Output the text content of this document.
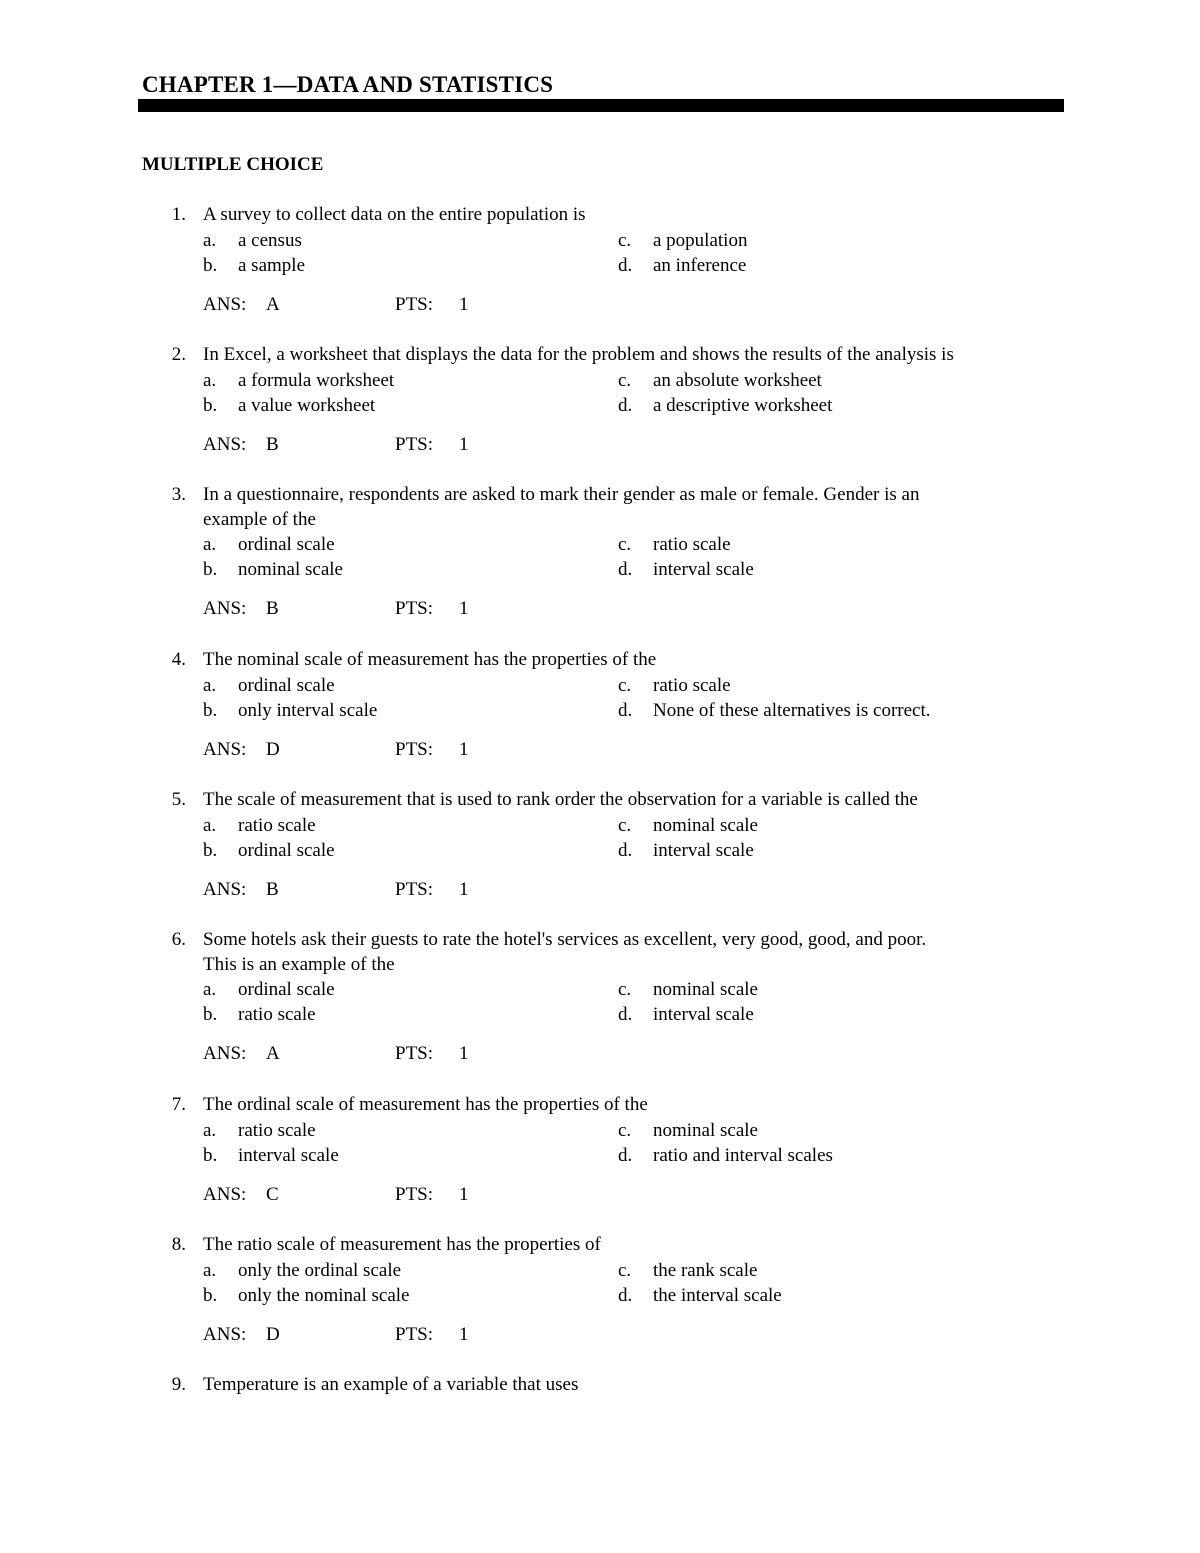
CHAPTER 1—DATA AND STATISTICS
MULTIPLE CHOICE
1. A survey to collect data on the entire population is
a. a census
b. a sample
c. a population
d. an inference
ANS: A	PTS: 1
2. In Excel, a worksheet that displays the data for the problem and shows the results of the analysis is
a. a formula worksheet
b. a value worksheet
c. an absolute worksheet
d. a descriptive worksheet
ANS: B	PTS: 1
3. In a questionnaire, respondents are asked to mark their gender as male or female. Gender is an
example of the
a. ordinal scale
b. nominal scale
c. ratio scale
d. interval scale
ANS: B	PTS: 1
4. The nominal scale of measurement has the properties of the
a. ordinal scale
b. only interval scale
c. ratio scale
d. None of these alternatives is correct.
ANS: D	PTS: 1
5. The scale of measurement that is used to rank order the observation for a variable is called the
a. ratio scale
b. ordinal scale
c. nominal scale
d. interval scale
ANS: B	PTS: 1
6. Some hotels ask their guests to rate the hotel's services as excellent, very good, good, and poor.
This is an example of the
a. ordinal scale
b. ratio scale
c. nominal scale
d. interval scale
ANS: A	PTS: 1
7. The ordinal scale of measurement has the properties of the
a. ratio scale
b. interval scale
c. nominal scale
d. ratio and interval scales
ANS: C	PTS: 1
8. The ratio scale of measurement has the properties of
a. only the ordinal scale
b. only the nominal scale
c. the rank scale
d. the interval scale
ANS: D	PTS: 1
9. Temperature is an example of a variable that uses
